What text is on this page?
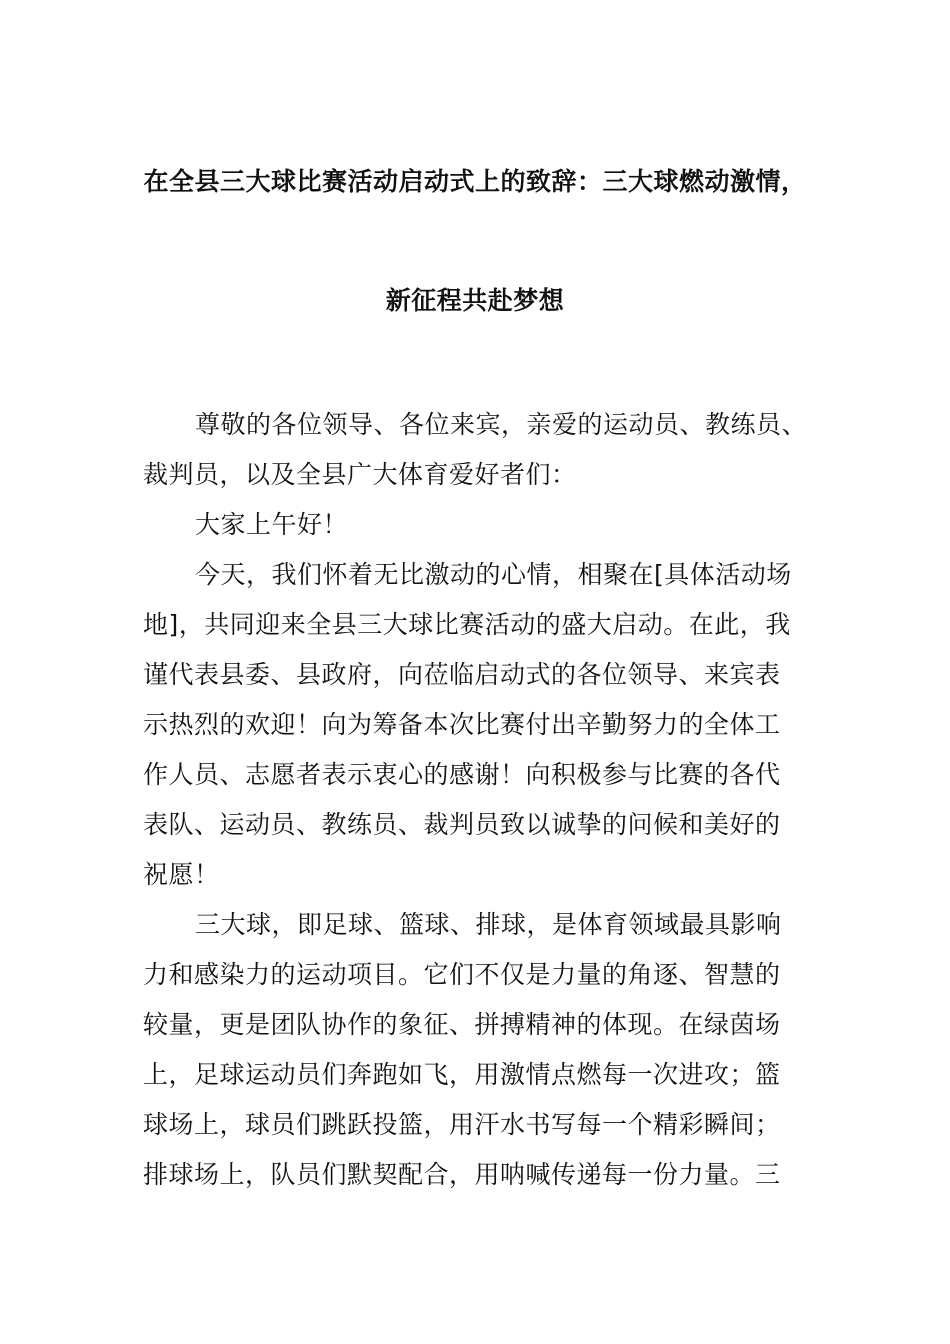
在全县三大球比赛活动启动式上的致辞：三大球燃动激情，
新征程共赴梦想

尊敬的各位领导、各位来宾，亲爱的运动员、教练员、
裁判员，以及全县广大体育爱好者们：

大家上午好！

今天，我们怀着无比激动的心情，相聚在[具体活动场
地]，共同迎来全县三大球比赛活动的盛大启动。在此，我
谨代表县委、县政府，向莅临启动式的各位领导、来宾表
示热烈的欢迎！向为筹备本次比赛付出辛勤努力的全体工
作人员、志愿者表示衷心的感谢！向积极参与比赛的各代
表队、运动员、教练员、裁判员致以诚挚的问候和美好的
祝愿！

三大球，即足球、篮球、排球，是体育领域最具影响
力和感染力的运动项目。它们不仅是力量的角逐、智慧的
较量，更是团队协作的象征、拼搏精神的体现。在绿茵场
上，足球运动员们奔跑如飞，用激情点燃每一次进攻；篮
球场上，球员们跳跃投篮，用汗水书写每一个精彩瞬间；
排球场上，队员们默契配合，用呐喊传递每一份力量。三
